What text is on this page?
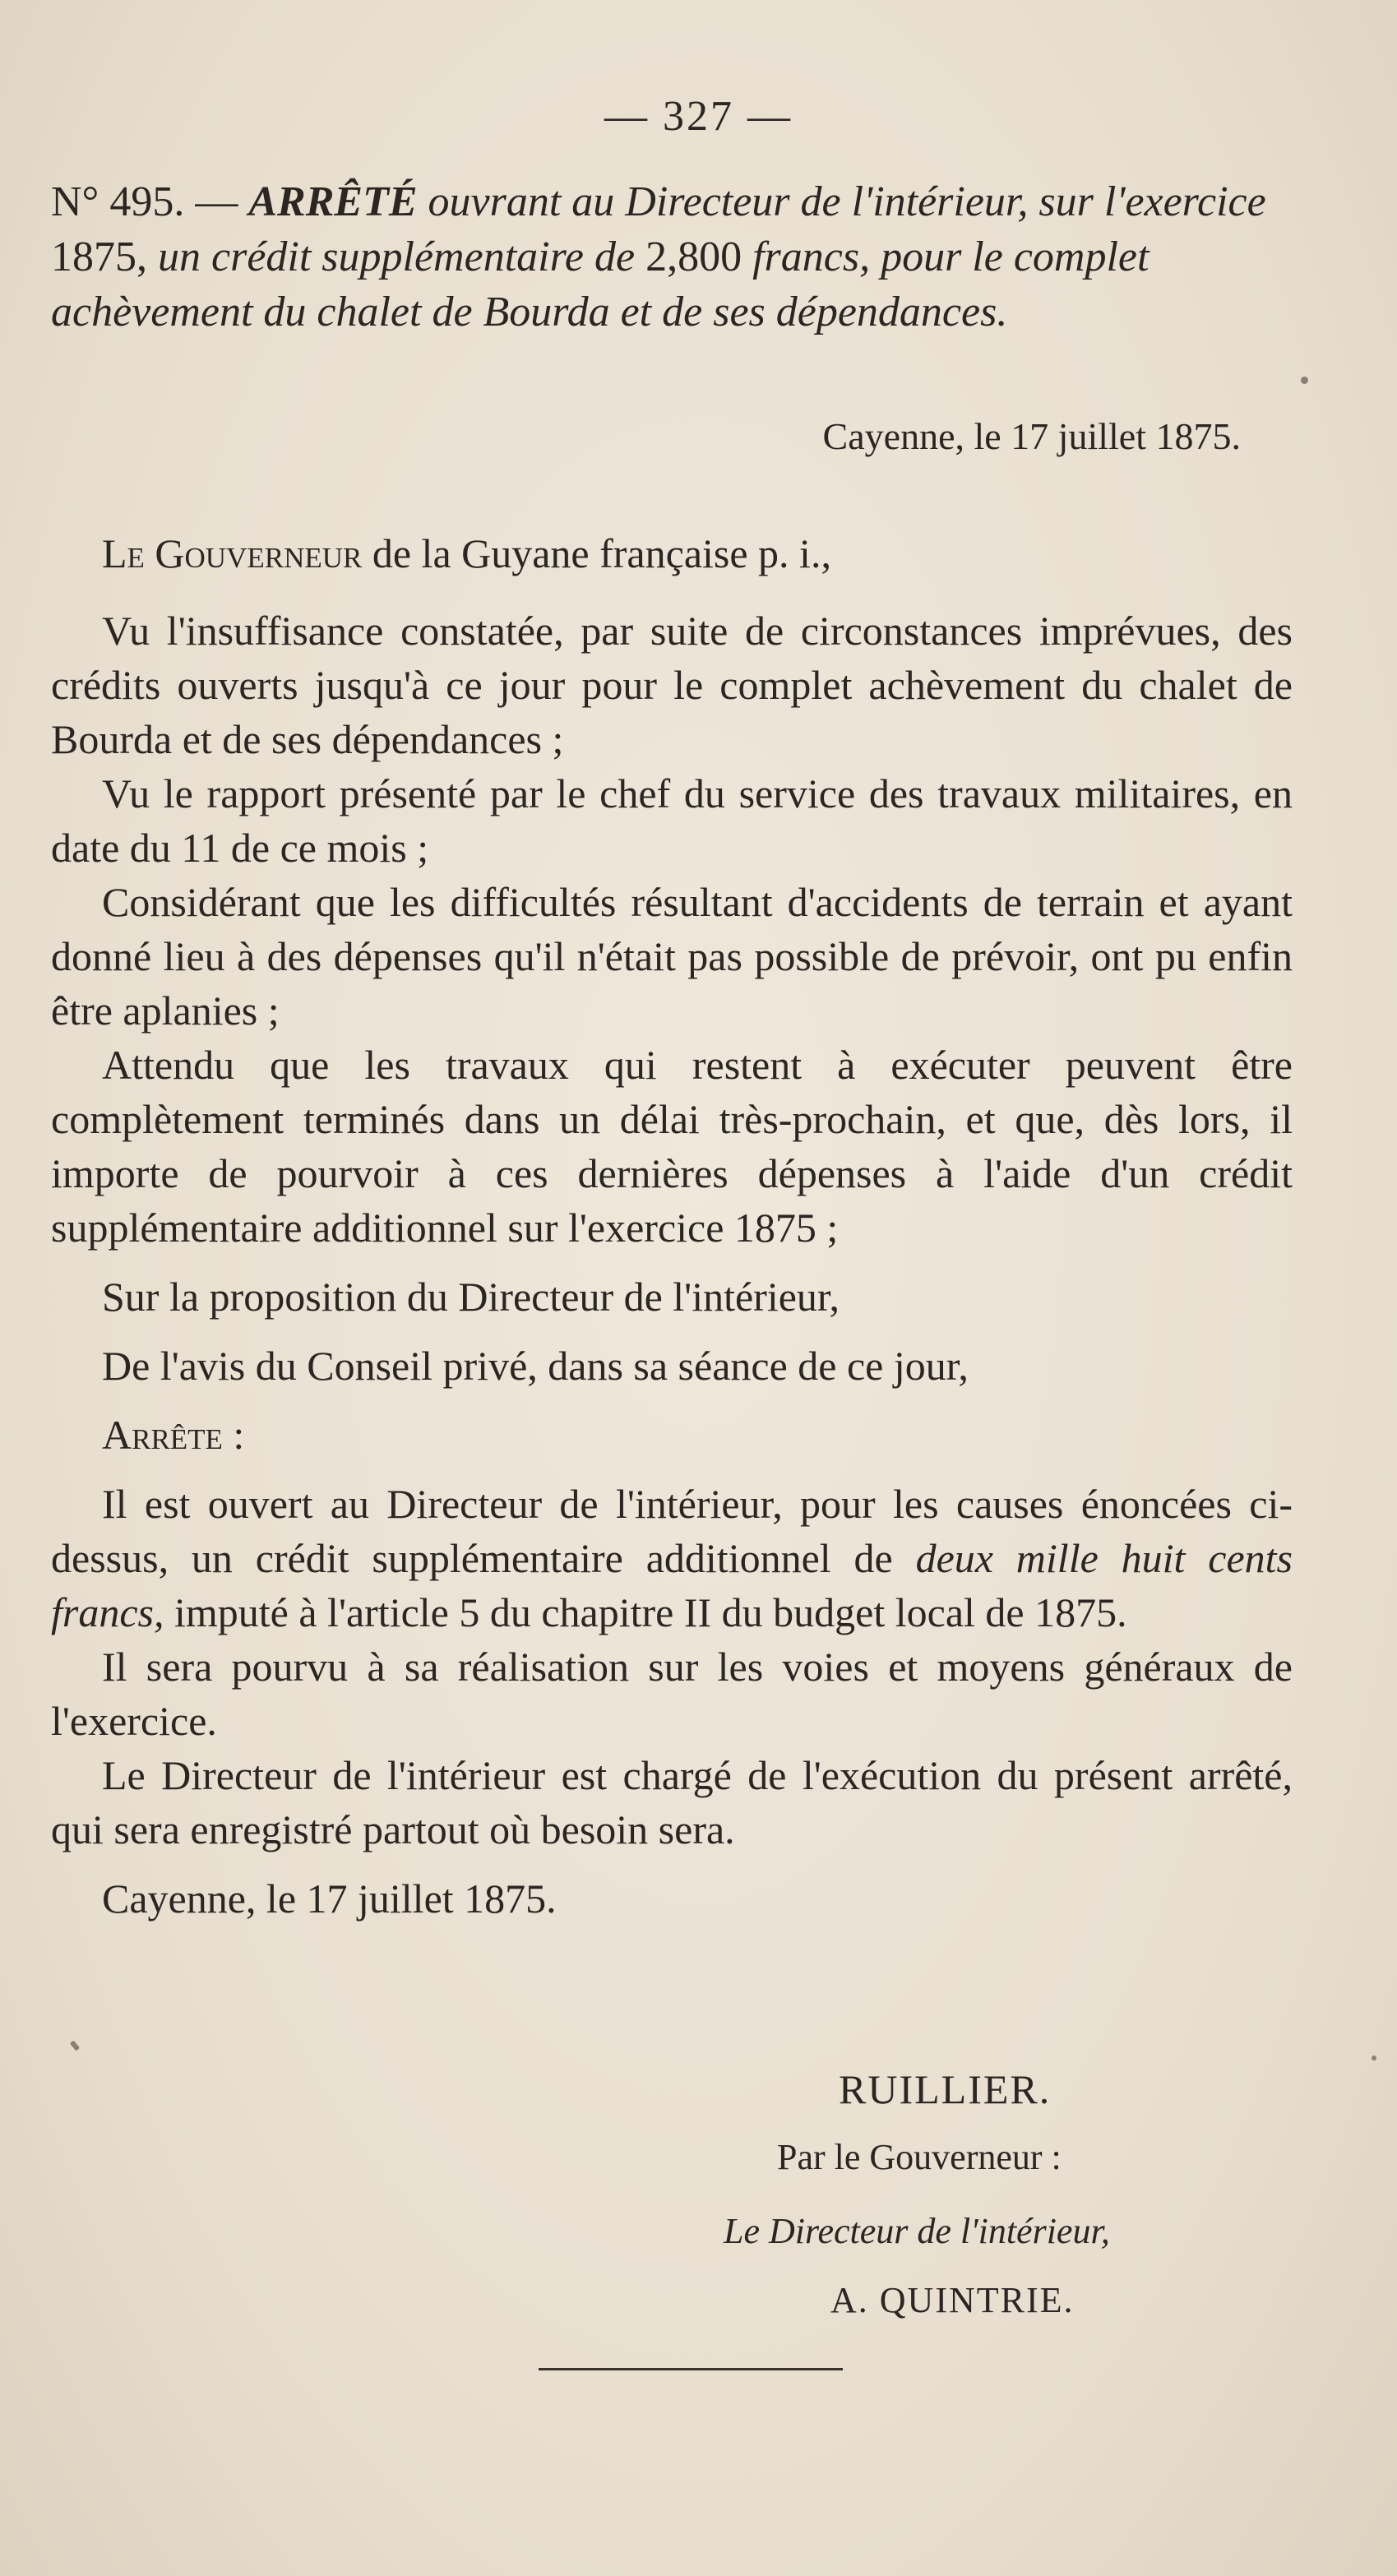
— 327 —
N° 495. — ARRÊTÉ ouvrant au Directeur de l'intérieur, sur l'exercice 1875, un crédit supplémentaire de 2,800 francs, pour le complet achèvement du chalet de Bourda et de ses dépendances.
Cayenne, le 17 juillet 1875.

Le Gouverneur de la Guyane française p. i.,

Vu l'insuffisance constatée, par suite de circonstances imprévues, des crédits ouverts jusqu'à ce jour pour le complet achèvement du chalet de Bourda et de ses dépendances ;

Vu le rapport présenté par le chef du service des travaux militaires, en date du 11 de ce mois ;

Considérant que les difficultés résultant d'accidents de terrain et ayant donné lieu à des dépenses qu'il n'était pas possible de prévoir, ont pu enfin être aplanies ;

Attendu que les travaux qui restent à exécuter peuvent être complètement terminés dans un délai très-prochain, et que, dès lors, il importe de pourvoir à ces dernières dépenses à l'aide d'un crédit supplémentaire additionnel sur l'exercice 1875 ;

Sur la proposition du Directeur de l'intérieur,

De l'avis du Conseil privé, dans sa séance de ce jour,

Arrête :

Il est ouvert au Directeur de l'intérieur, pour les causes énoncées ci-dessus, un crédit supplémentaire additionnel de deux mille huit cents francs, imputé à l'article 5 du chapitre II du budget local de 1875.

Il sera pourvu à sa réalisation sur les voies et moyens généraux de l'exercice.

Le Directeur de l'intérieur est chargé de l'exécution du présent arrêté, qui sera enregistré partout où besoin sera.

Cayenne, le 17 juillet 1875.

RUILLIER.
Par le Gouverneur :
Le Directeur de l'intérieur,
A. QUINTRIE.
